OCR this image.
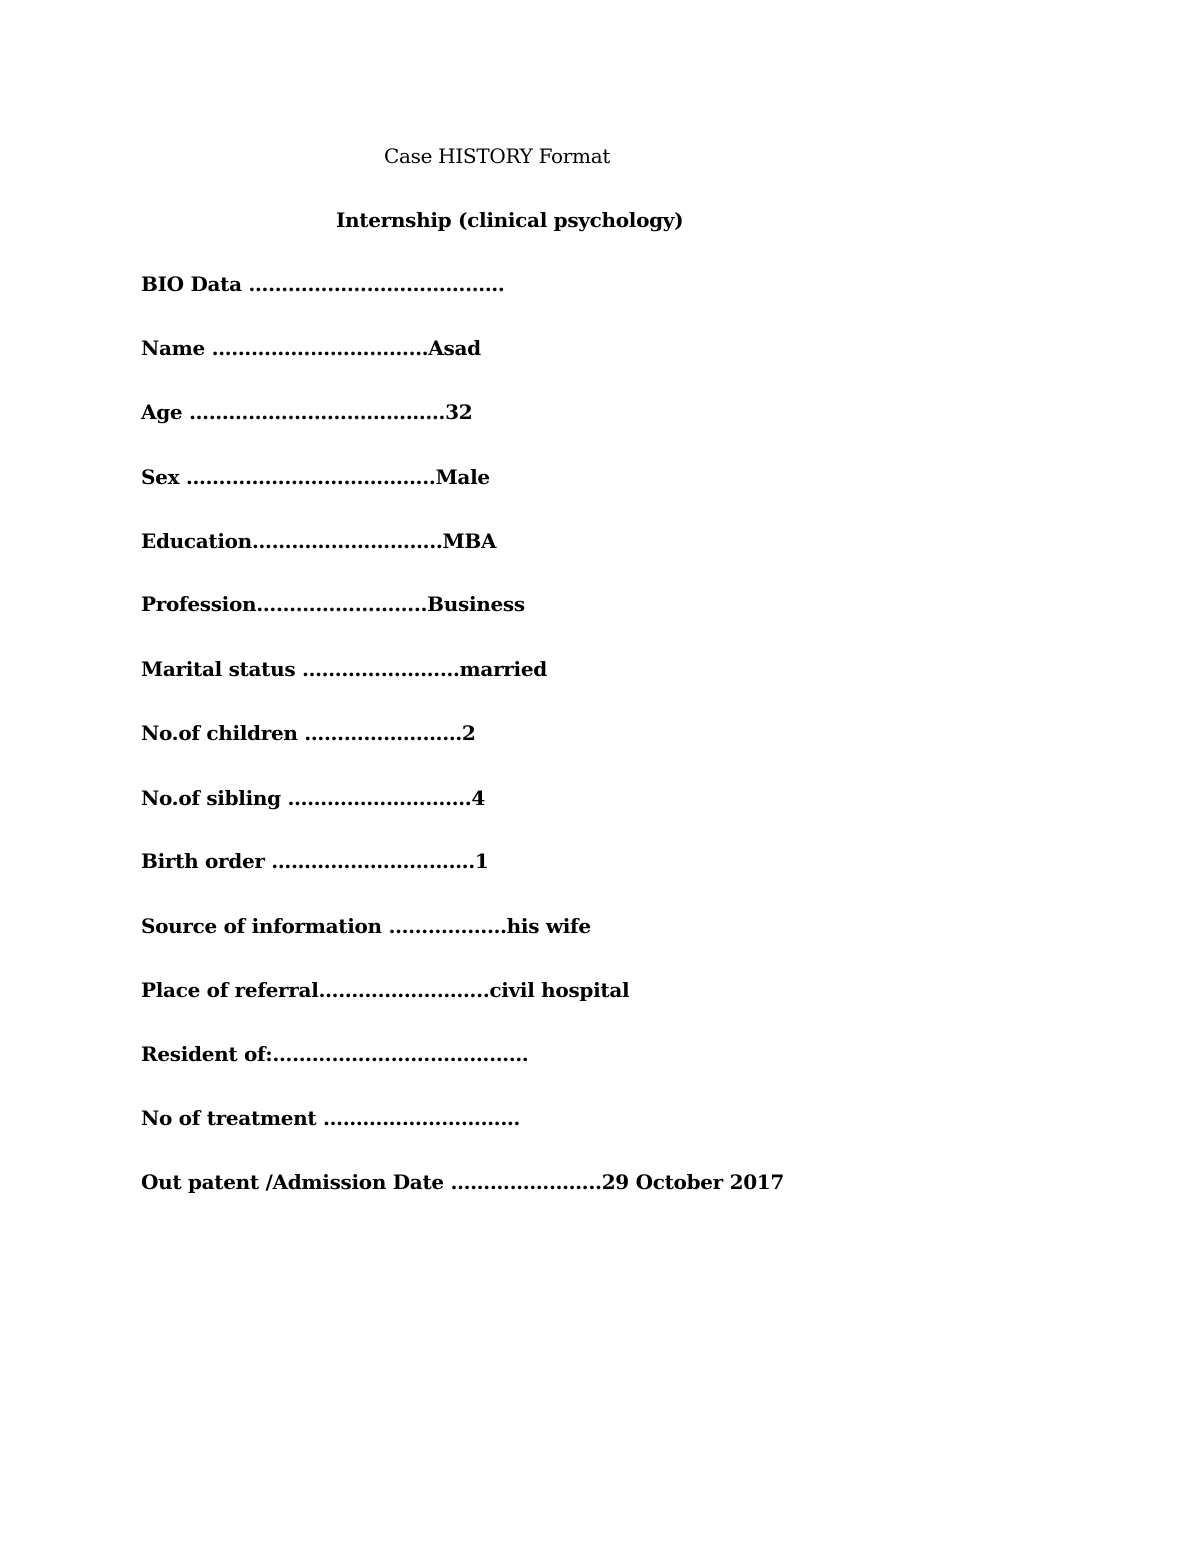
Case HISTORY Format
Internship (clinical psychology)
BIO Data …………………………………
Name ……………………………Asad
Age …………………………………32
Sex ………………………………..Male
Education………………………..MBA
Profession……………………..Business
Marital status ……………………married
No.of children ……………………2
No.of sibling ……………………….4
Birth order ………………………….1
Source of information ………………his wife
Place of referral……………………..civil hospital
Resident of:…………………………………
No of treatment …………………………
Out patent /Admission Date …………………..29 October 2017
